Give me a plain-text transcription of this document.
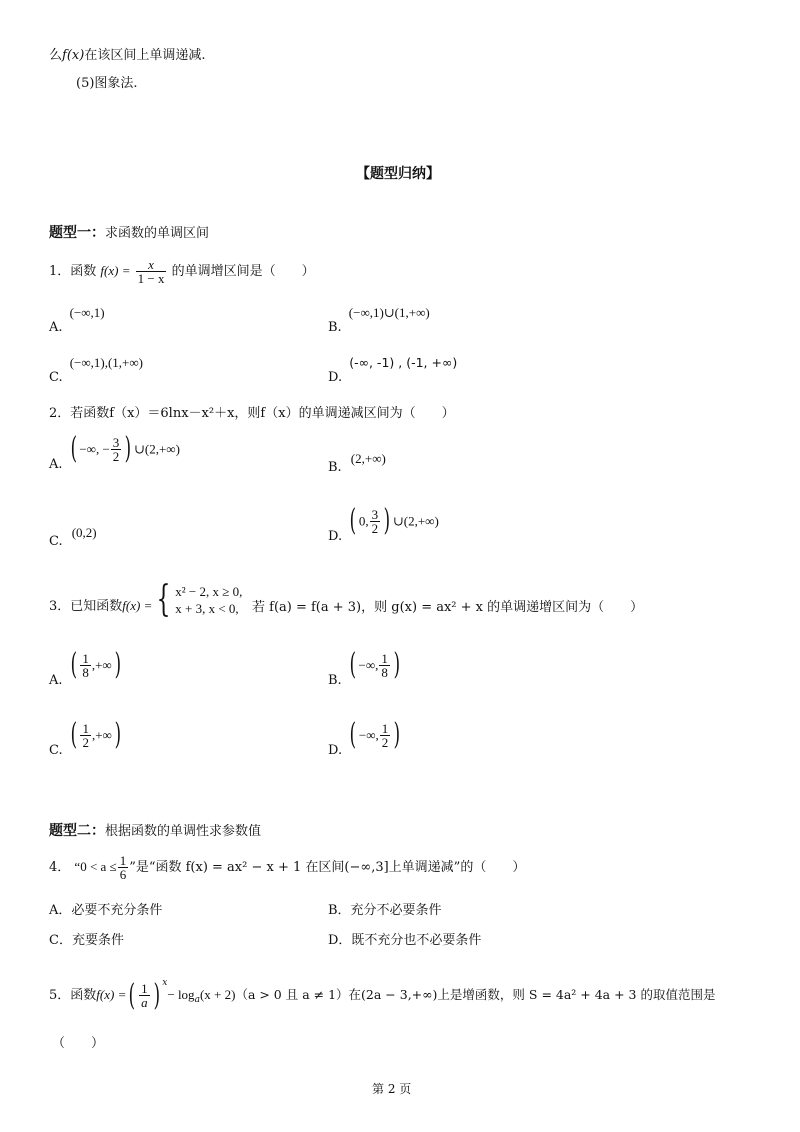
么f(x)在该区间上单调递减.
(5)图象法.
【题型归纳】
题型一：求函数的单调区间
1．函数 $f(x) = \frac{x}{1 - x}$ 的单调增区间是（　　）
$_{A.}$ (−∞,1)
$_{B.}$ (−∞,1)∪(1,+∞)
$_{C.}$ (−∞,1),(1,+∞)
$_{D.}$ (-∞, -1) , (-1, +∞)
2．若函数f（x）＝6lnx－x²＋x，则f（x）的单调递减区间为（　　）
$_{A.}$ ( −∞, − $\frac{3}{2}$ ) ∪(2,+∞)
$_{B.}$ (2,+∞)
$_{C.}$ (0,2)	$_{D.}$ ( 0, $\frac{3}{2}$ ) ∪(2,+∞)
3．已知函数f(x) = { x² − 2, x ≥ 0,
x + 3, x < 0, 若 f(a) = f(a + 3)，则 g(x) = ax² + x 的单调递增区间为（　　）
$_{A.}$ ( $\frac{1}{8}$ ,+∞)	$_{B.}$ ( −∞, $\frac{1}{8}$ )
$_{C.}$ ( $\frac{1}{2}$ ,+∞)	$_{D.}$ ( −∞, $\frac{1}{2}$ )
题型二：根据函数的单调性求参数值
4． “$0 < a \le \frac{1}{6}$ ”是“函数 f(x) = ax² − x + 1 在区间(−∞,3]上单调递减”的（　　）
A．必要不充分条件	B．充分不必要条件
C．充要条件	D．既不充分也不必要条件
5．函数f(x) =( $\frac{1}{a}$ ) $^x- \log_a(x + 2)(a > 0$ 且 a ≠ 1）在(2a − 3,+∞)上是增函数，则 S = 4a² + 4a + 3 的取值范围是
（　　）
第 2 页
